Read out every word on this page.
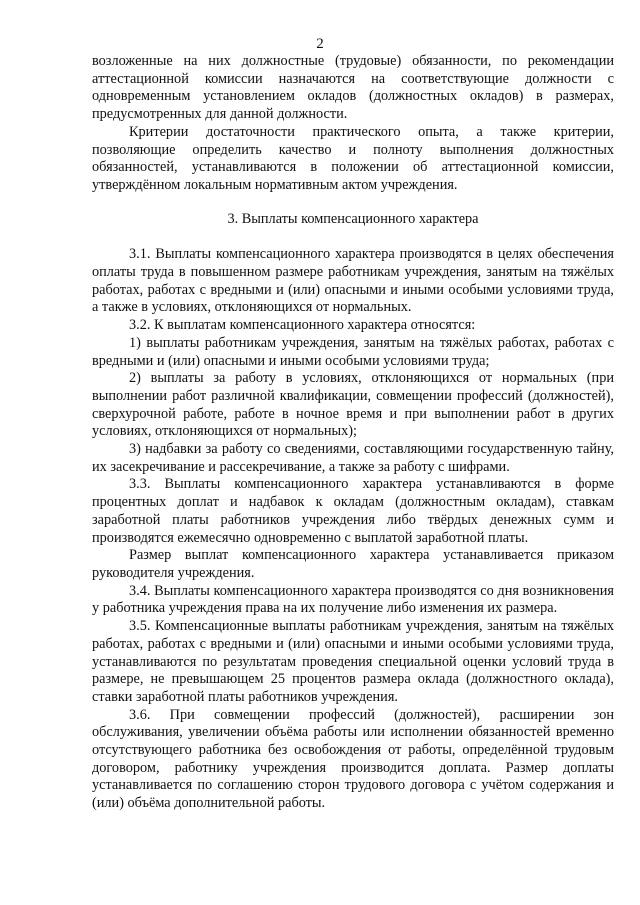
2

возложенные на них должностные (трудовые) обязанности, по рекомендации аттестационной комиссии назначаются на соответствующие должности с одновременным установлением окладов (должностных окладов) в размерах, предусмотренных для данной должности.

Критерии достаточности практического опыта, а также критерии, позволяющие определить качество и полноту выполнения должностных обязанностей, устанавливаются в положении об аттестационной комиссии, утверждённом локальным нормативным актом учреждения.

3. Выплаты компенсационного характера

3.1. Выплаты компенсационного характера производятся в целях обеспечения оплаты труда в повышенном размере работникам учреждения, занятым на тяжёлых работах, работах с вредными и (или) опасными и иными особыми условиями труда, а также в условиях, отклоняющихся от нормальных.

3.2. К выплатам компенсационного характера относятся:

1) выплаты работникам учреждения, занятым на тяжёлых работах, работах с вредными и (или) опасными и иными особыми условиями труда;

2) выплаты за работу в условиях, отклоняющихся от нормальных (при выполнении работ различной квалификации, совмещении профессий (должностей), сверхурочной работе, работе в ночное время и при выполнении работ в других условиях, отклоняющихся от нормальных);

3) надбавки за работу со сведениями, составляющими государственную тайну, их засекречивание и рассекречивание, а также за работу с шифрами.

3.3. Выплаты компенсационного характера устанавливаются в форме процентных доплат и надбавок к окладам (должностным окладам), ставкам заработной платы работников учреждения либо твёрдых денежных сумм и производятся ежемесячно одновременно с выплатой заработной платы.

Размер выплат компенсационного характера устанавливается приказом руководителя учреждения.

3.4. Выплаты компенсационного характера производятся со дня возникновения у работника учреждения права на их получение либо изменения их размера.

3.5. Компенсационные выплаты работникам учреждения, занятым на тяжёлых работах, работах с вредными и (или) опасными и иными особыми условиями труда, устанавливаются по результатам проведения специальной оценки условий труда в размере, не превышающем 25 процентов размера оклада (должностного оклада), ставки заработной платы работников учреждения.

3.6. При совмещении профессий (должностей), расширении зон обслуживания, увеличении объёма работы или исполнении обязанностей временно отсутствующего работника без освобождения от работы, определённой трудовым договором, работнику учреждения производится доплата. Размер доплаты устанавливается по соглашению сторон трудового договора с учётом содержания и (или) объёма дополнительной работы.
